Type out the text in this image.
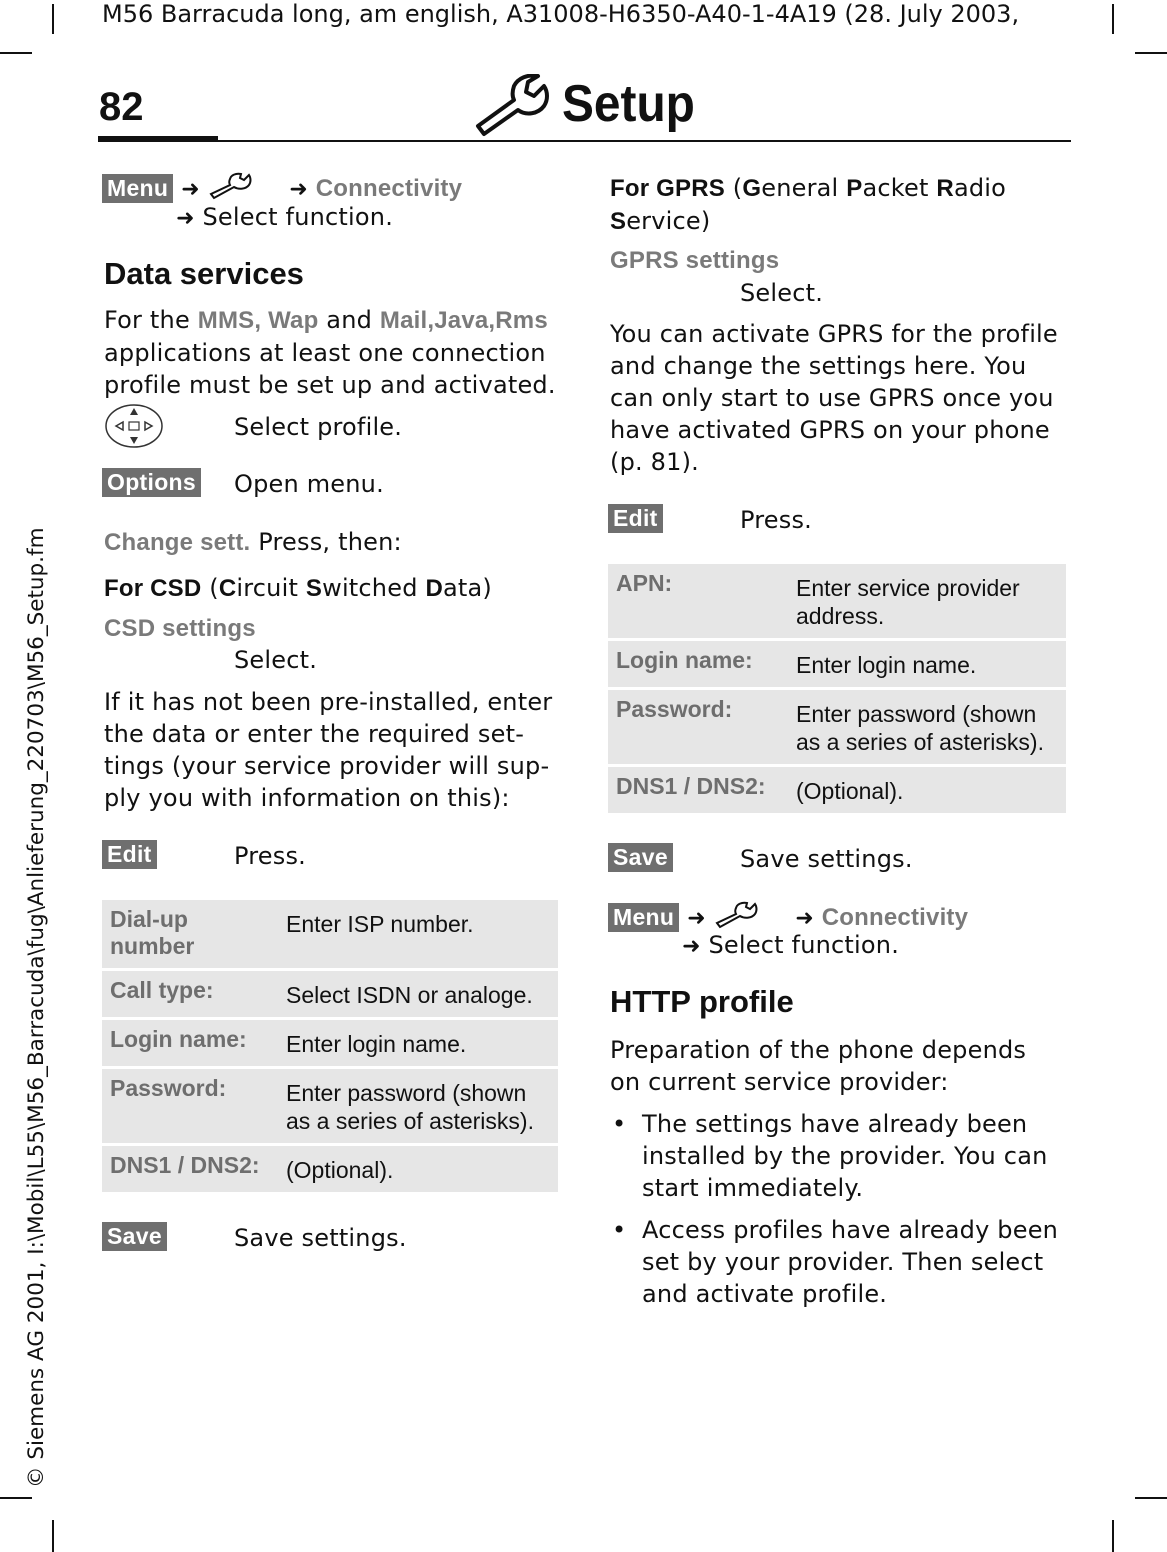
M56 Barracuda long, am english, A31008-H6350-A40-1-4A19 (28. July 2003,
© Siemens AG 2001, I:\Mobil\L55\M56_Barracuda\fug\Anlieferung_220703\M56_Setup.fm
82	Setup
Menu ➜	➜ Connectivity
➜ Select function.
Data services
For the MMS, Wap and Mail,Java,Rms applications at least one connection profile must be set up and activated.
Select profile.
Options Open menu.
Change sett. Press, then:
For CSD (Circuit Switched Data)
CSD settings
Select.
If it has not been pre-installed, enter the data or enter the required set-tings (your service provider will sup-ply you with information on this):
Edit	Press.
Dial-up number	Enter ISP number.
Call type:	Select ISDN or analoge.
Login name:	Enter login name.
Password:	Enter password (shown as a series of asterisks).
DNS1 / DNS2:	(Optional).
Save	Save settings.
For GPRS (General Packet Radio Service)
GPRS settings
Select.
You can activate GPRS for the profile and change the settings here. You can only start to use GPRS once you have activated GPRS on your phone (p. 81).
Edit	Press.
APN:	Enter service provider address.
Login name:	Enter login name.
Password:	Enter password (shown as a series of asterisks).
DNS1 / DNS2:	(Optional).
Save	Save settings.
Menu ➜	➜ Connectivity
➜ Select function.
HTTP profile
Preparation of the phone depends on current service provider:
• The settings have already been installed by the provider. You can start immediately.
• Access profiles have already been set by your provider. Then select and activate profile.
